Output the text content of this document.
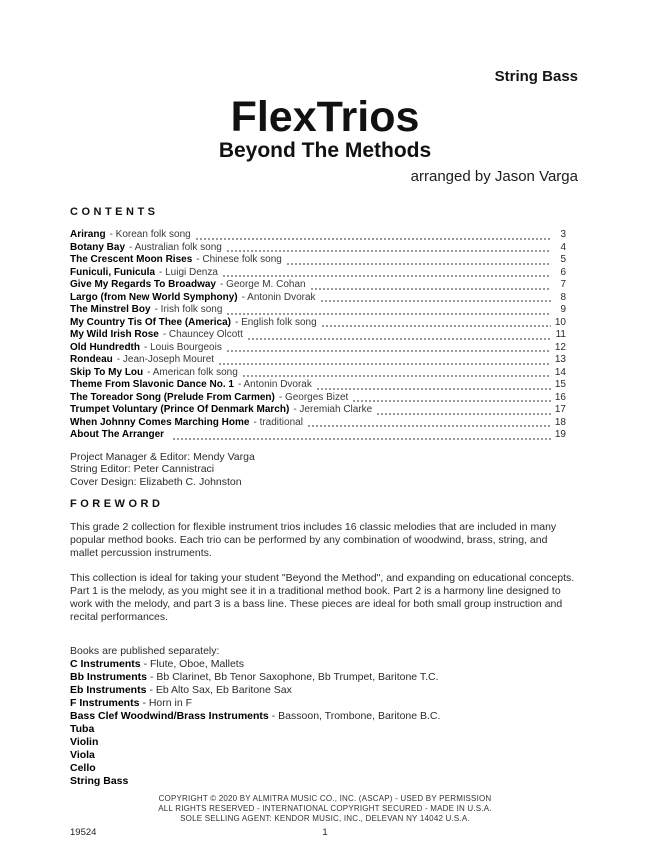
String Bass
FlexTrios
Beyond The Methods
arranged by Jason Varga
CONTENTS
Arirang - Korean folk song	3
Botany Bay - Australian folk song	4
The Crescent Moon Rises - Chinese folk song	5
Funiculi, Funicula - Luigi Denza	6
Give My Regards To Broadway - George M. Cohan	7
Largo (from New World Symphony) - Antonin Dvorak	8
The Minstrel Boy - Irish folk song	9
My Country Tis Of Thee (America) - English folk song	10
My Wild Irish Rose - Chauncey Olcott	11
Old Hundredth - Louis Bourgeois	12
Rondeau - Jean-Joseph Mouret	13
Skip To My Lou - American folk song	14
Theme From Slavonic Dance No. 1 - Antonin Dvorak	15
The Toreador Song (Prelude From Carmen) - Georges Bizet	16
Trumpet Voluntary (Prince Of Denmark March) - Jeremiah Clarke	17
When Johnny Comes Marching Home - traditional	18
About The Arranger	19
Project Manager & Editor: Mendy Varga
String Editor: Peter Cannistraci
Cover Design: Elizabeth C. Johnston
FOREWORD
This grade 2 collection for flexible instrument trios includes 16 classic melodies that are included in many popular method books. Each trio can be performed by any combination of woodwind, brass, string, and mallet percussion instruments.
This collection is ideal for taking your student "Beyond the Method", and expanding on educational concepts. Part 1 is the melody, as you might see it in a traditional method book. Part 2 is a harmony line designed to work with the melody, and part 3 is a bass line. These pieces are ideal for both small group instruction and recital performances.
Books are published separately:
C Instruments - Flute, Oboe, Mallets
Bb Instruments - Bb Clarinet, Bb Tenor Saxophone, Bb Trumpet, Baritone T.C.
Eb Instruments - Eb Alto Sax, Eb Baritone Sax
F Instruments - Horn in F
Bass Clef Woodwind/Brass Instruments - Bassoon, Trombone, Baritone B.C.
Tuba
Violin
Viola
Cello
String Bass
COPYRIGHT © 2020 BY ALMITRA MUSIC CO., INC. (ASCAP) - USED BY PERMISSION
ALL RIGHTS RESERVED - INTERNATIONAL COPYRIGHT SECURED - MADE IN U.S.A.
SOLE SELLING AGENT: KENDOR MUSIC, INC., DELEVAN NY 14042 U.S.A.
19524	1
